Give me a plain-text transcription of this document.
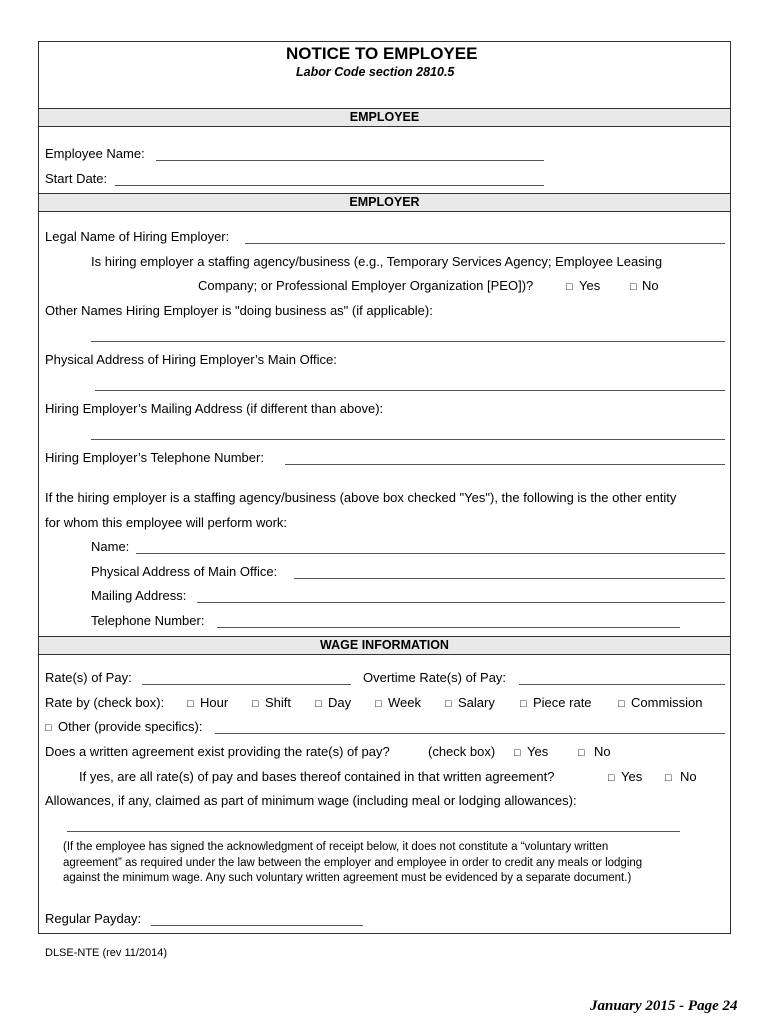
NOTICE TO EMPLOYEE
Labor Code section 2810.5
EMPLOYEE
Employee Name:
Start Date:
EMPLOYER
Legal Name of Hiring Employer:
Is hiring employer a staffing agency/business (e.g., Temporary Services Agency; Employee Leasing
Company; or Professional Employer Organization [PEO])?	□ Yes	□ No
Other Names Hiring Employer is "doing business as" (if applicable):
Physical Address of Hiring Employer’s Main Office:
Hiring Employer’s Mailing Address (if different than above):
Hiring Employer’s Telephone Number:
If the hiring employer is a staffing agency/business (above box checked "Yes"), the following is the other entity
for whom this employee will perform work:
Name:
Physical Address of Main Office:
Mailing Address:
Telephone Number:
WAGE INFORMATION
Rate(s) of Pay:	Overtime Rate(s) of Pay:
Rate by (check box): □ Hour □ Shift □ Day □ Week □ Salary □ Piece rate □ Commission
□ Other (provide specifics):
Does a written agreement exist providing the rate(s) of pay?	(check box) □ Yes	□ No
If yes, are all rate(s) of pay and bases thereof contained in that written agreement?	□ Yes □ No
Allowances, if any, claimed as part of minimum wage (including meal or lodging allowances):
(If the employee has signed the acknowledgment of receipt below, it does not constitute a “voluntary written
agreement” as required under the law between the employer and employee in order to credit any meals or lodging
against the minimum wage. Any such voluntary written agreement must be evidenced by a separate document.)
Regular Payday:
DLSE-NTE (rev 11/2014)
January 2015 - Page 24
